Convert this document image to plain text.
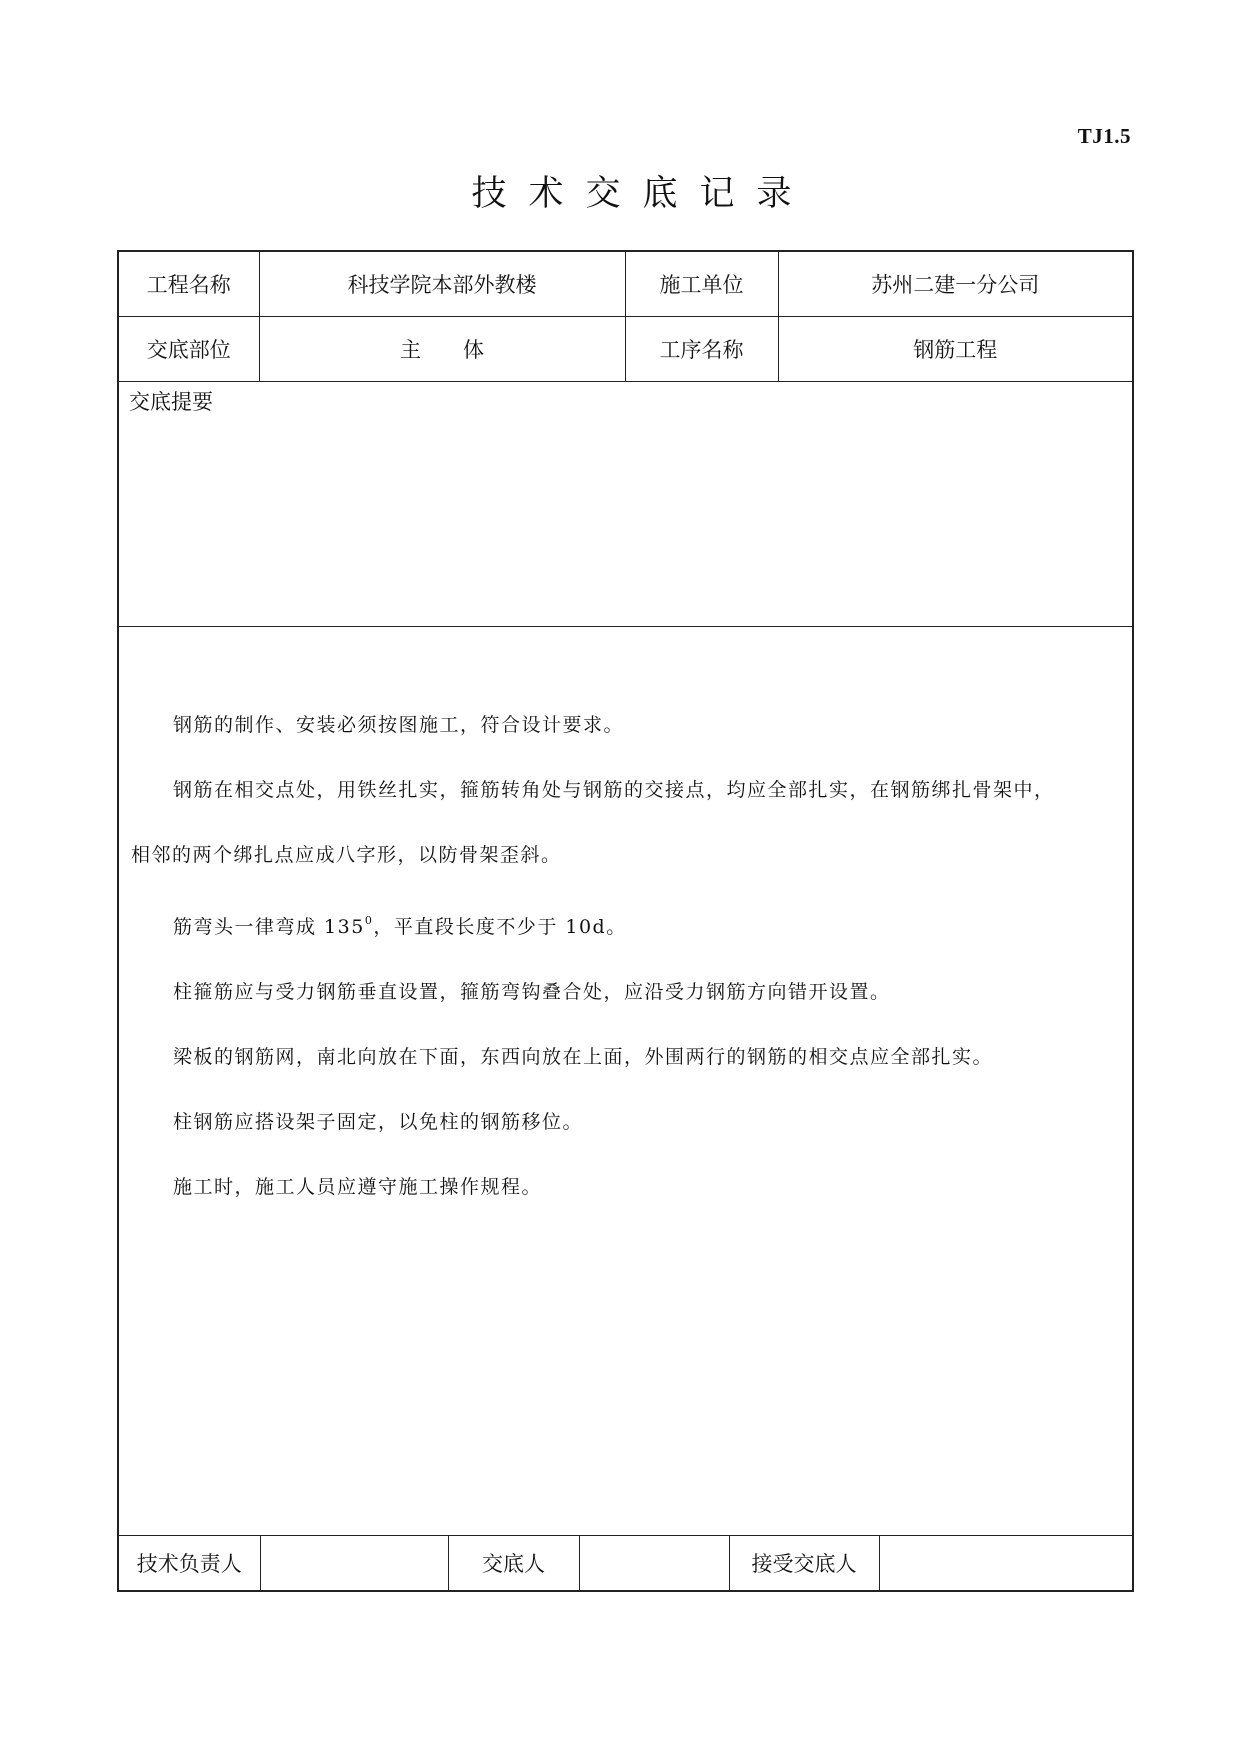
TJ1.5
技术交底记录
工程名称	科技学院本部外教楼	施工单位	苏州二建一分公司
交底部位	主体	工序名称	钢筋工程

交底提要

钢筋的制作、安装必须按图施工，符合设计要求。

钢筋在相交点处，用铁丝扎实，箍筋转角处与钢筋的交接点，均应全部扎实，在钢筋绑扎骨架中，

相邻的两个绑扎点应成八字形，以防骨架歪斜。

筋弯头一律弯成 $135^0$，平直段长度不少于 10d。

柱箍筋应与受力钢筋垂直设置，箍筋弯钩叠合处，应沿受力钢筋方向错开设置。

梁板的钢筋网，南北向放在下面，东西向放在上面，外围两行的钢筋的相交点应全部扎实。

柱钢筋应搭设架子固定，以免柱的钢筋移位。

施工时，施工人员应遵守施工操作规程。

技术负责人		交底人		接受交底人	
